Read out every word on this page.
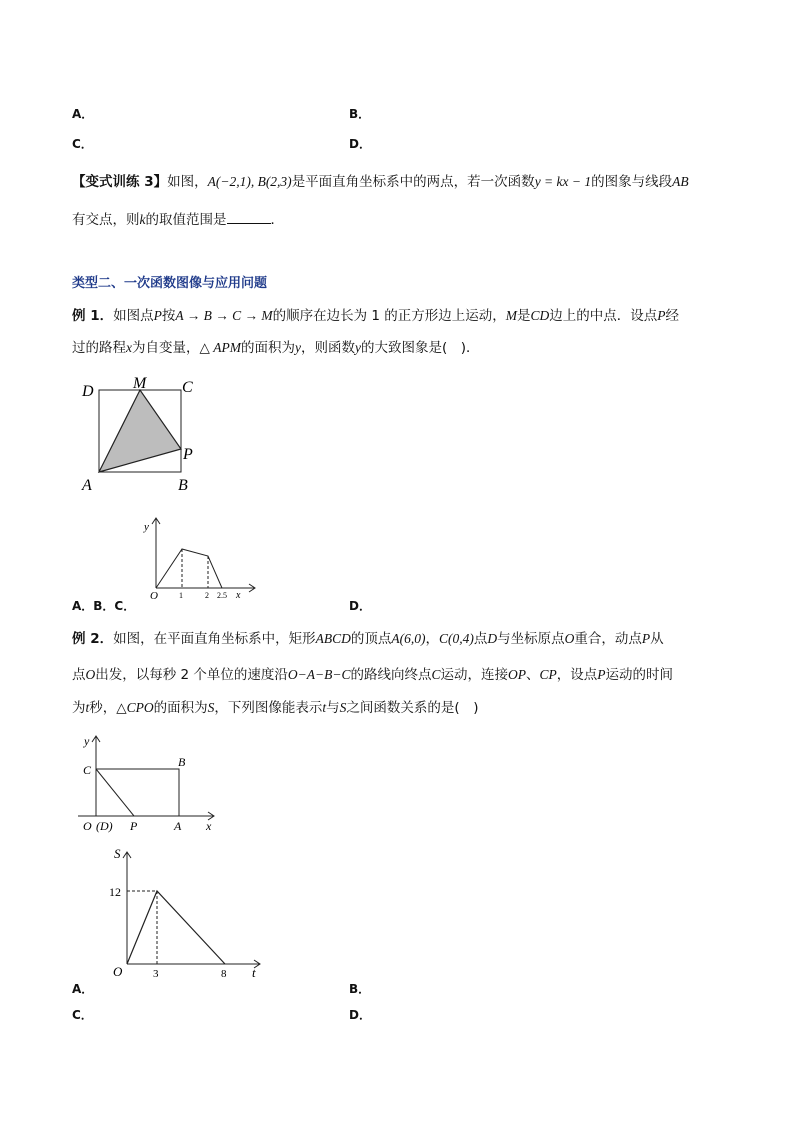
A．	B．
C．	D．
【变式训练 3】如图，A(−2,1), B(2,3)是平面直角坐标系中的两点，若一次函数y = kx − 1的图象与线段AB
有交点，则k的取值范围是	．
类型二、一次函数图像与应用问题
例 1．如图点P按A → B → C → M的顺序在边长为 1 的正方形边上运动，M是CD边上的中点．设点P经
过的路程x为自变量，△ APM的面积为y，则函数y的大致图象是(　)．
D M C
P
A	B
y
O	1	2 2.5 x
A．B．C．	D．
例 2．如图，在平面直角坐标系中，矩形ABCD的顶点A(6,0)，C(0,4)点D与坐标原点O重合，动点P从
点O出发，以每秒 2 个单位的速度沿O−A−B−C的路线向终点C运动，连接OP、CP，设点P运动的时间
为t秒，△CPO的面积为S，下列图像能表示t与S之间函数关系的是(　)
y
C
B
O (D) P	A x
S
12
O	3	8 t
A．	B．
C．	D．
